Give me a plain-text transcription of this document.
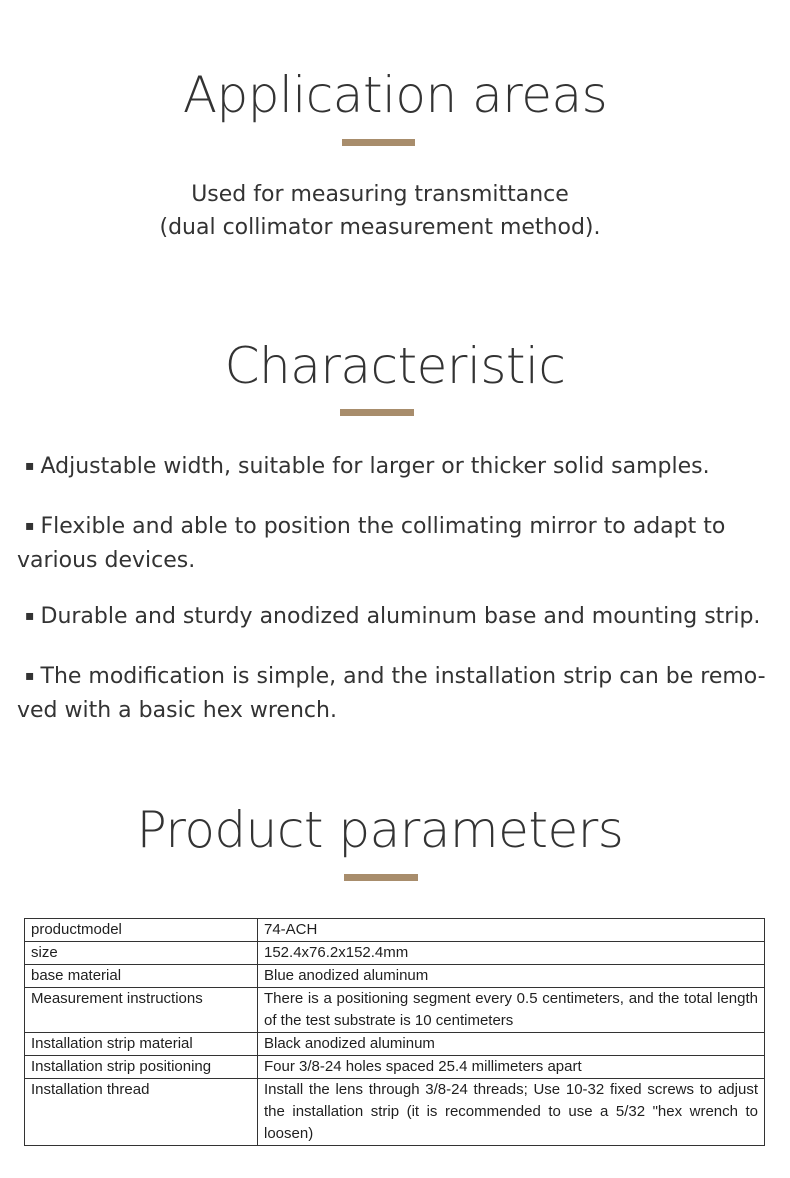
Application areas
Used for measuring transmittance
(dual collimator measurement method).
Characteristic
▪ Adjustable width, suitable for larger or thicker solid samples.
▪ Flexible and able to position the collimating mirror to adapt to
various devices.
▪ Durable and sturdy anodized aluminum base and mounting strip.
▪ The modification is simple, and the installation strip can be remo-
ved with a basic hex wrench.
Product parameters
productmodel	74-ACH
size	152.4x76.2x152.4mm
base material	Blue anodized aluminum
Measurement instructions	There is a positioning segment every 0.5 centimeters, and the total length of the test substrate is 10 centimeters
Installation strip material	Black anodized aluminum
Installation strip positioning	Four 3/8-24 holes spaced 25.4 millimeters apart
Installation thread	Install the lens through 3/8-24 threads; Use 10-32 fixed screws to adjust the installation strip (it is recommended to use a 5/32 "hex wrench to loosen)
